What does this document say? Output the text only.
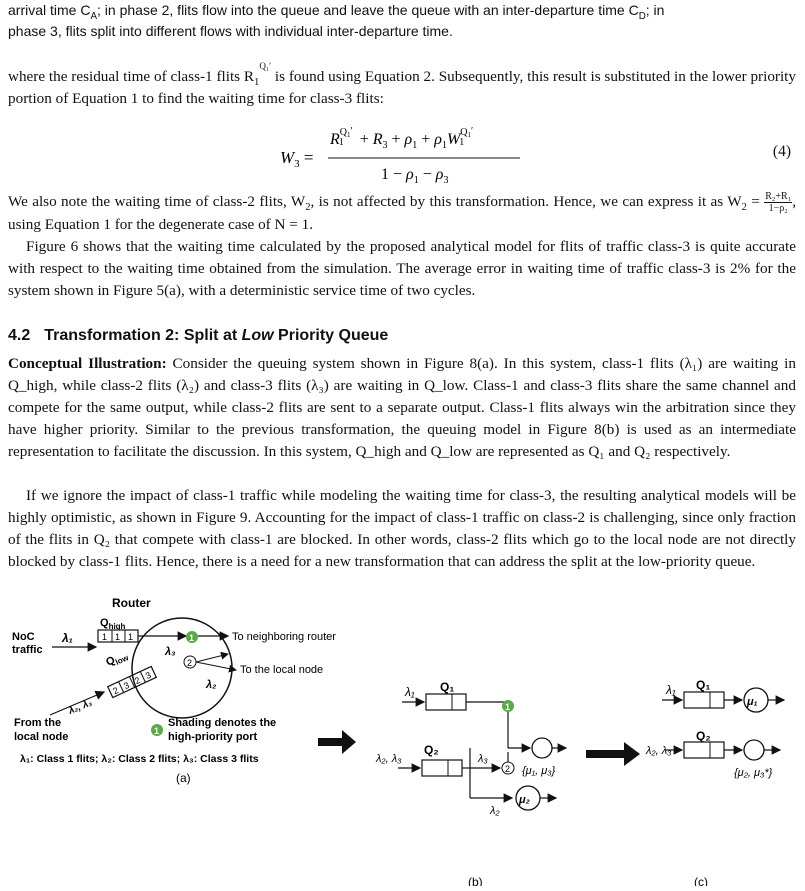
arrival time $C_A$; in phase 2, flits flow into the queue and leave the queue with an inter-departure time $C_D$; in
phase 3, flits split into different flows with individual inter-departure time.
where the residual time of class-1 flits $R_1^{Q_1'}$ is found using Equation 2. Subsequently, this result is substituted in the lower priority portion of Equation 1 to find the waiting time for class-3 flits:
$W_3$ =
$R^Q1'$ $1 + R_3 + \rho_1 + \rho_1W^Q1'$ 1
$1 - \rho_1 - \rho_3$
(4)
We also note the waiting time of class-2 flits, $W_2$, is not affected by this transformation. Hence, we can express it as $W_2 = \frac{\text{R₂+R₁}}{\text{1−ρ₂}}$ , using Equation 1 for the degenerate case of N = 1.
Figure 6 shows that the waiting time calculated by the proposed analytical model for flits of traffic class-3 is quite accurate with respect to the waiting time obtained from the simulation. The average error in waiting time of traffic class-3 is 2% for the system shown in Figure 5(a), with a deterministic service time of two cycles.
4.2 Transformation 2: Split at Low Priority Queue
Conceptual Illustration: Consider the queuing system shown in Figure 8(a). In this system, class-1 flits (λ₁) are waiting in Q_high, while class-2 flits (λ₂) and class-3 flits (λ₃) are waiting in Q_low. Class-1 and class-3 flits share the same channel and compete for the same output, while class-2 flits are sent to a separate output. Class-1 flits always win the arbitration since they have higher priority. Similar to the previous transformation, the queuing model in Figure 8(b) is used as an intermediate representation to facilitate the discussion. In this system, Q_high and Q_low are represented as Q₁ and Q₂ respectively.
If we ignore the impact of class-1 traffic while modeling the waiting time for class-3, the resulting analytical models will be highly optimistic, as shown in Figure 9. Accounting for the impact of class-1 traffic on class-2 is challenging, since only fraction of the flits in Q₂ that compete with class-1 are blocked. In other words, class-2 flits which go to the local node are not directly blocked by class-1 flits. Hence, there is a need for a new transformation that can address the split at the low-priority queue.
Router
NoC
traffic
λ₁
$Q_{high}$
1 1 1	1	To neighboring router
2
λ₃
To the local node
λ₂
$Q_{low}$
2 3 2 3
λ₂, λ₃
From the
local node	1
Shading denotes the
high-priority port
λ₁: Class 1 flits; λ₂: Class 2 flits; λ₃: Class 3 flits
(a)
λ₁ Q₁
1
{μ₁, μ₃}
λ₂, λ₃
Q₂
λ₃
2
λ₂
μ₂
(b)
λ₁ Q₁
μ₁
λ₂, λ₃
Q₂
{μ₂, μ₃*}
(c)
